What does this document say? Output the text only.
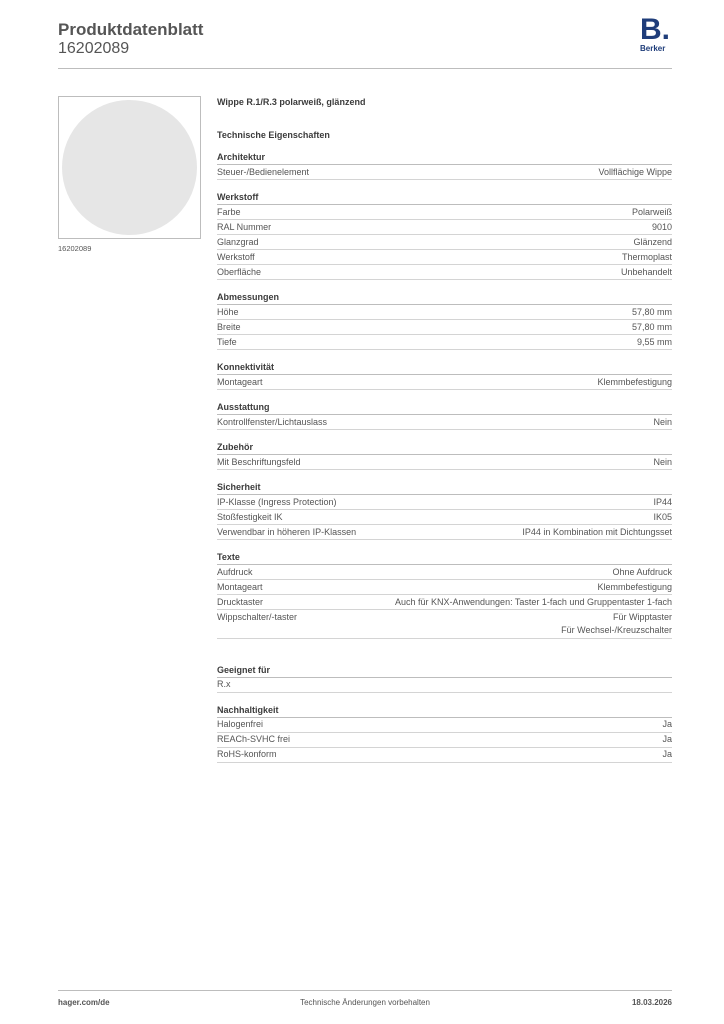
Produktdatenblatt
16202089
B.
Berker
16202089
Wippe R.1/R.3 polarweiß, glänzend
Technische Eigenschaften
Architektur
Steuer-/Bedienelement	Vollflächige Wippe
Werkstoff
Farbe	Polarweiß
RAL Nummer	9010
Glanzgrad	Glänzend
Werkstoff	Thermoplast
Oberfläche	Unbehandelt
Abmessungen
Höhe	57,80 mm
Breite	57,80 mm
Tiefe	9,55 mm
Konnektivität
Montageart	Klemmbefestigung
Ausstattung
Kontrollfenster/Lichtauslass	Nein
Zubehör
Mit Beschriftungsfeld	Nein
Sicherheit
IP-Klasse (Ingress Protection)	IP44
Stoßfestigkeit IK	IK05
Verwendbar in höheren IP-Klassen	IP44 in Kombination mit Dichtungsset
Texte
Aufdruck	Ohne Aufdruck
Montageart	Klemmbefestigung
Drucktaster	Auch für KNX-Anwendungen: Taster 1-fach und Gruppentaster 1-fach
Wippschalter/-taster	Für Wipptaster
Für Wechsel-/Kreuzschalter
Geeignet für
R.x
Nachhaltigkeit
Halogenfrei	Ja
REACh-SVHC frei	Ja
RoHS-konform	Ja
hager.com/de	Technische Änderungen vorbehalten	18.03.2026
